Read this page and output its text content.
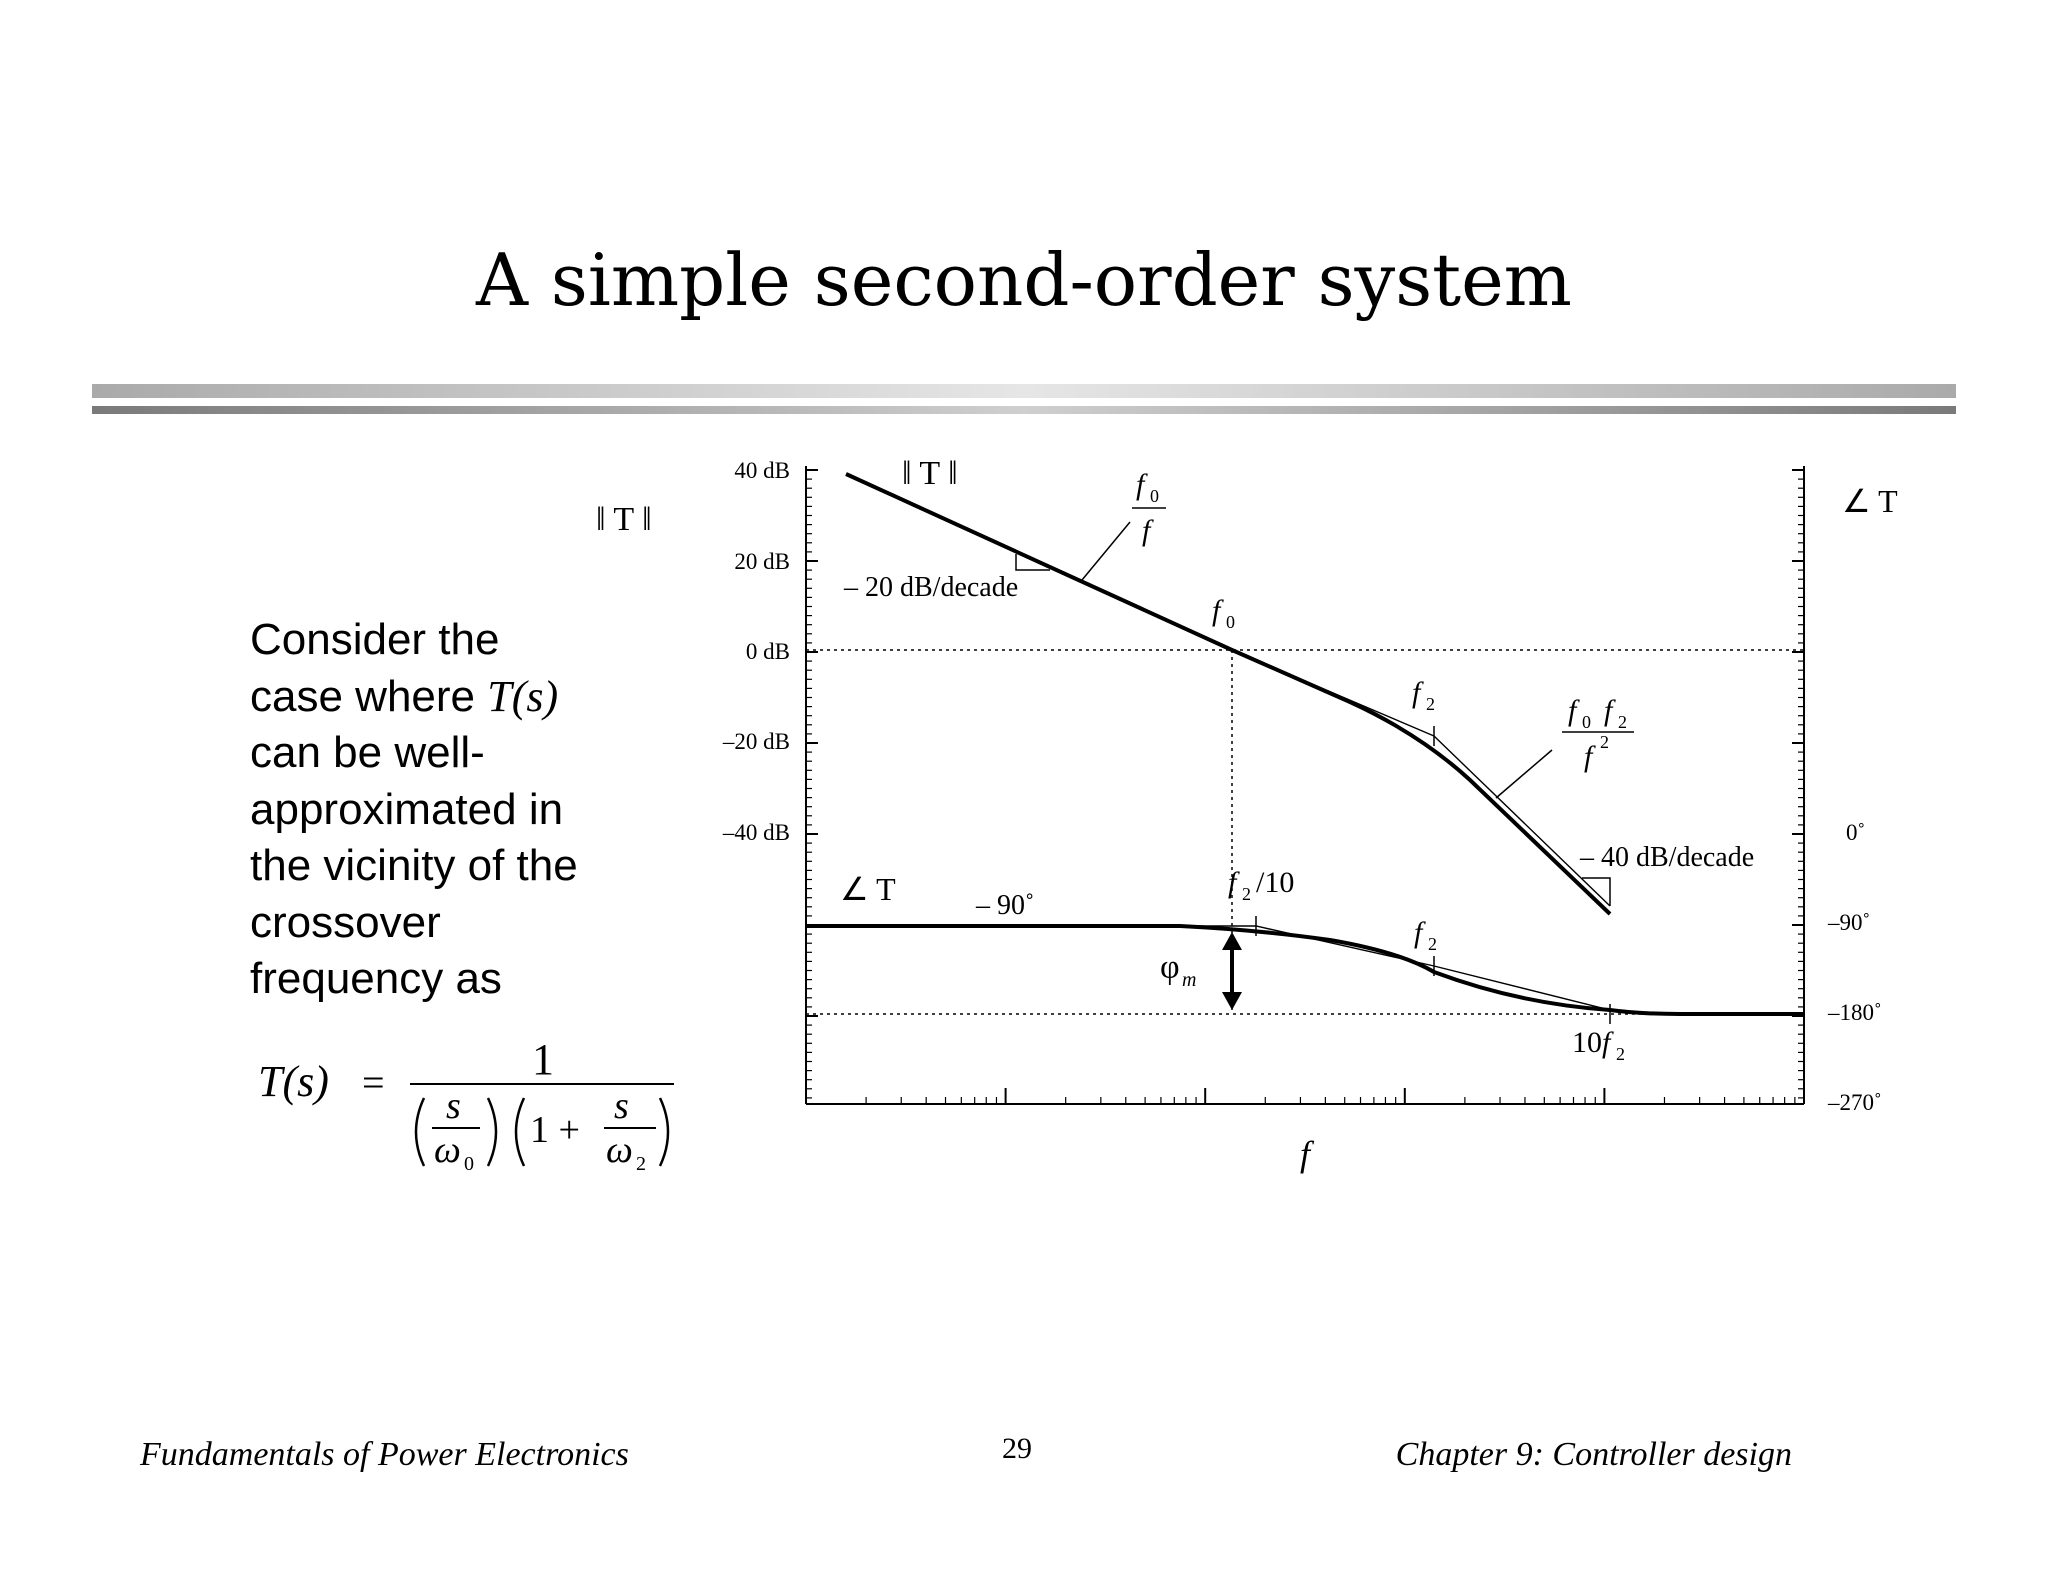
A simple second-order system
Consider the
case where T(s)
can be well-
approximated in
the vicinity of the
crossover
frequency as
T(s) =	1
s
ω 0
1 +
s
ω 2
40 dB
20 dB
0 dB
–20 dB
–40 dB	0˚
–90˚
–180˚
–270˚
‖ T ‖	∠ T
f
‖ T ‖
∠ T
– 20 dB/decade
– 40 dB/decade
– 90˚
f 0
f
f 0 f 2
f 2
f 0
f 2
f 2
f 2 /10
10 f 2
φ m
Fundamentals of Power Electronics	29	Chapter 9: Controller design
